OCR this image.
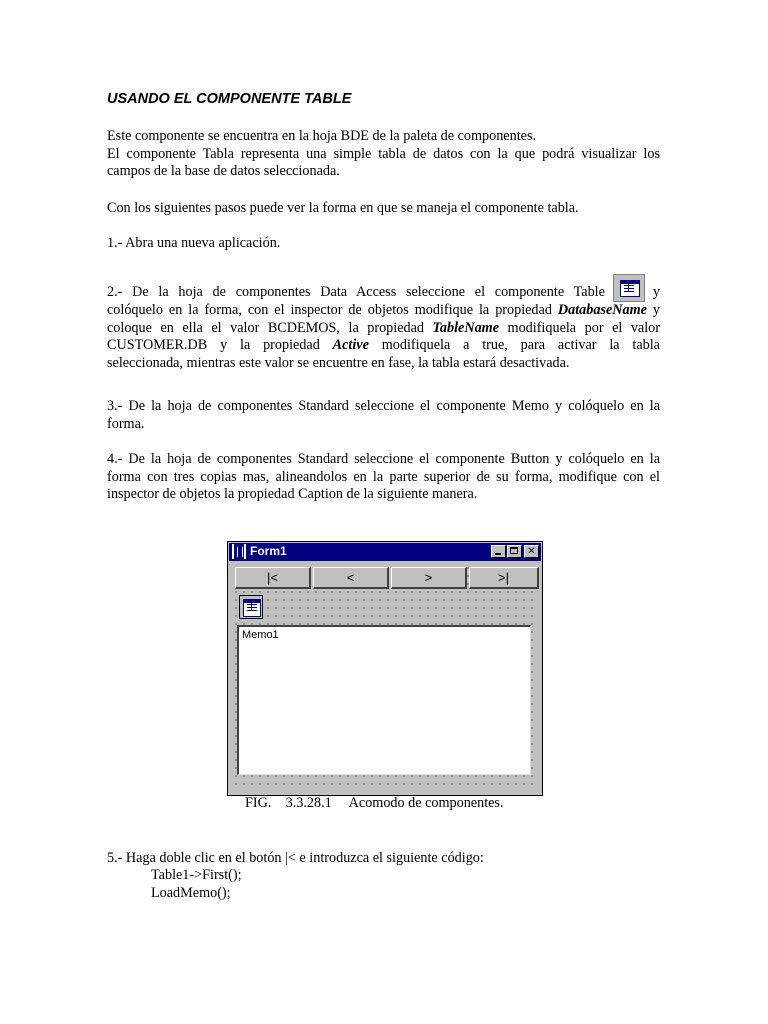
USANDO EL COMPONENTE TABLE

Este componente se encuentra en la hoja BDE de la paleta de componentes.
El componente Tabla representa una simple tabla de datos con la que podrá visualizar los
campos de la base de datos seleccionada.

Con los siguientes pasos puede ver la forma en que se maneja el componente tabla.

1.- Abra una nueva aplicación.

2.- De la hoja de componentes Data Access seleccione el componente Table	y
colóquelo en la forma, con el inspector de objetos modifique la propiedad DatabaseName y
coloque en ella el valor BCDEMOS, la propiedad TableName modifiquela por el valor
CUSTOMER.DB y la propiedad Active modifiquela a true, para activar la tabla
seleccionada, mientras este valor se encuentre en fase, la tabla estará desactivada.

3.- De la hoja de componentes Standard seleccione el componente Memo y colóquelo en la
forma.

4.- De la hoja de componentes Standard seleccione el componente Button y colóquelo en la
forma con tres copias mas, alineandolos en la parte superior de su forma, modifique con el
inspector de objetos la propiedad Caption de la siguiente manera.

Form1	✕
|<	<	>	>|
Memo1

FIG.    3.3.28.1     Acomodo de componentes.

5.- Haga doble clic en el botón |< e introduzca el siguiente código:

Table1->First();

LoadMemo();
